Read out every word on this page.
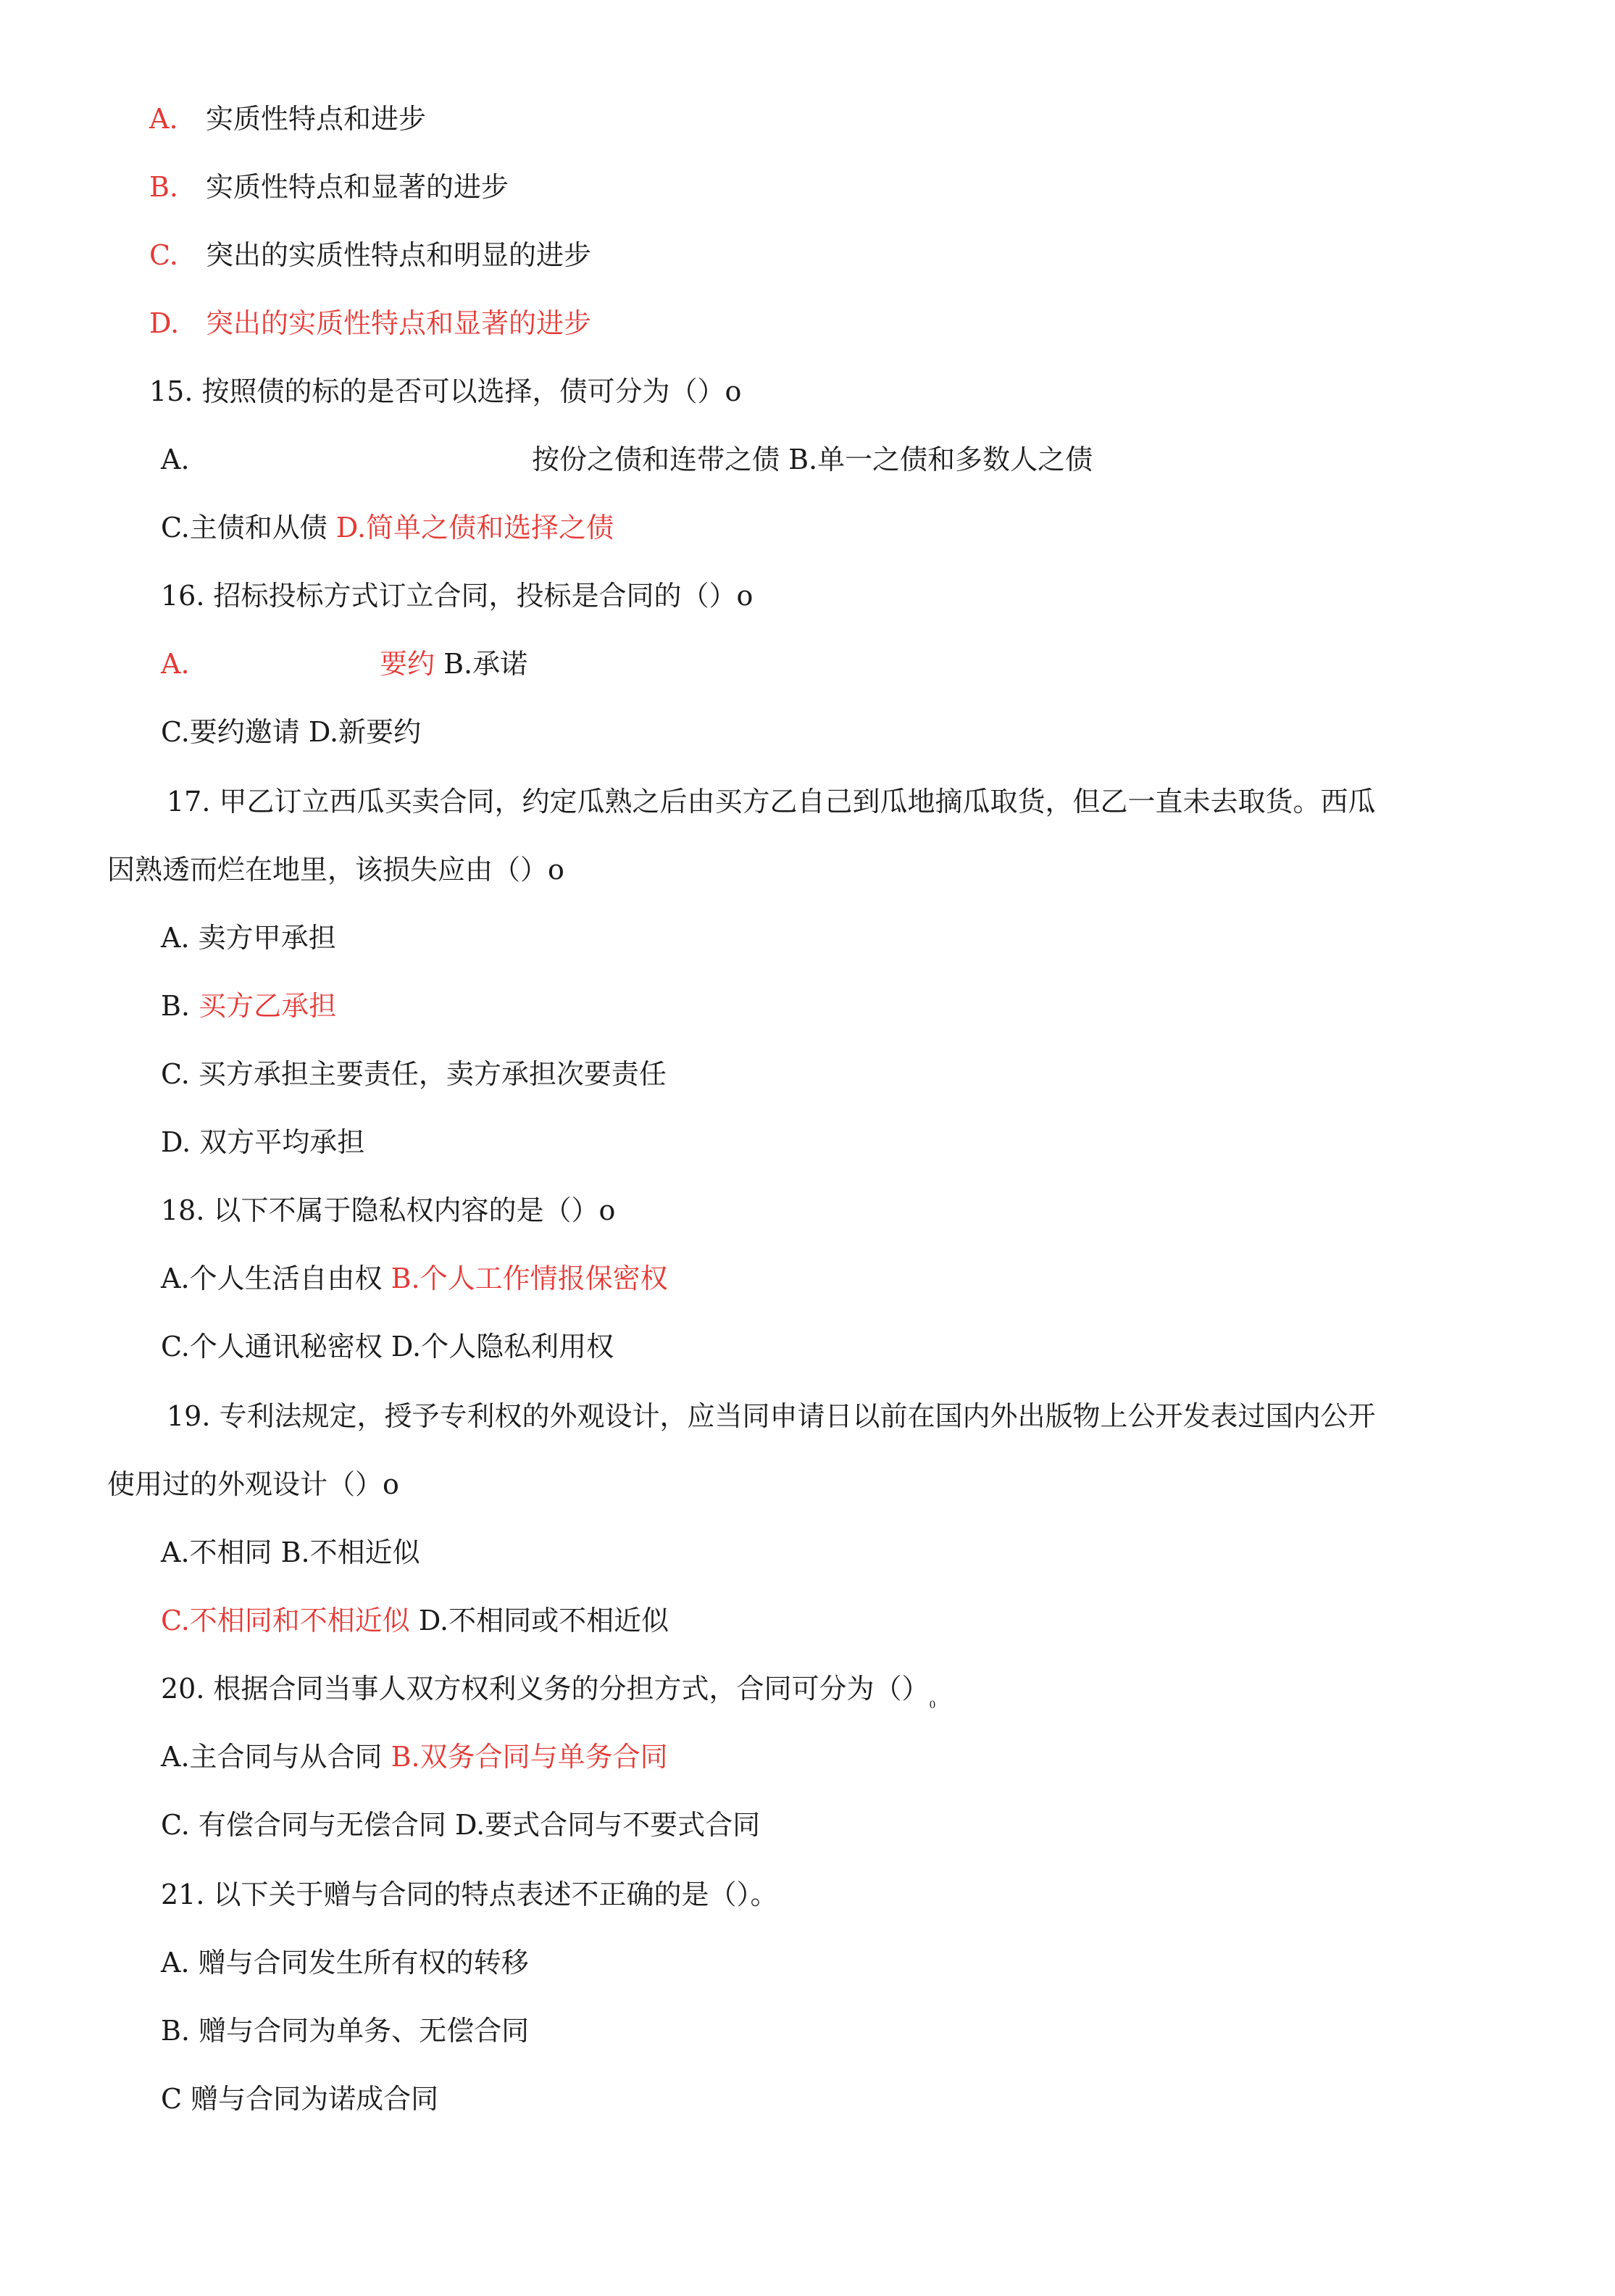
A. 实质性特点和进步
B. 实质性特点和显著的进步
C. 突出的实质性特点和明显的进步
D. 突出的实质性特点和显著的进步
15. 按照债的标的是否可以选择，债可分为（）o
A.	按份之债和连带之债 B.单一之债和多数人之债
C.主债和从债 D.简单之债和选择之债
16. 招标投标方式订立合同，投标是合同的（）o
A.	要约 B.承诺
C.要约邀请 D.新要约
17. 甲乙订立西瓜买卖合同，约定瓜熟之后由买方乙自己到瓜地摘瓜取货，但乙一直未去取货。西瓜
因熟透而烂在地里，该损失应由（）o
A. 卖方甲承担
B. 买方乙承担
C. 买方承担主要责任，卖方承担次要责任
D. 双方平均承担
18. 以下不属于隐私权内容的是（）o
A.个人生活自由权 B.个人工作情报保密权
C.个人通讯秘密权 D.个人隐私利用权
19. 专利法规定，授予专利权的外观设计，应当同申请日以前在国内外出版物上公开发表过国内公开
使用过的外观设计（）o
A.不相同 B.不相近似
C.不相同和不相近似 D.不相同或不相近似
20. 根据合同当事人双方权利义务的分担方式，合同可分为$()_0$
A.主合同与从合同 B.双务合同与单务合同
C. 有偿合同与无偿合同 D.要式合同与不要式合同
21. 以下关于赠与合同的特点表述不正确的是（）。
A. 赠与合同发生所有权的转移
B. 赠与合同为单务、无偿合同
C 赠与合同为诺成合同
